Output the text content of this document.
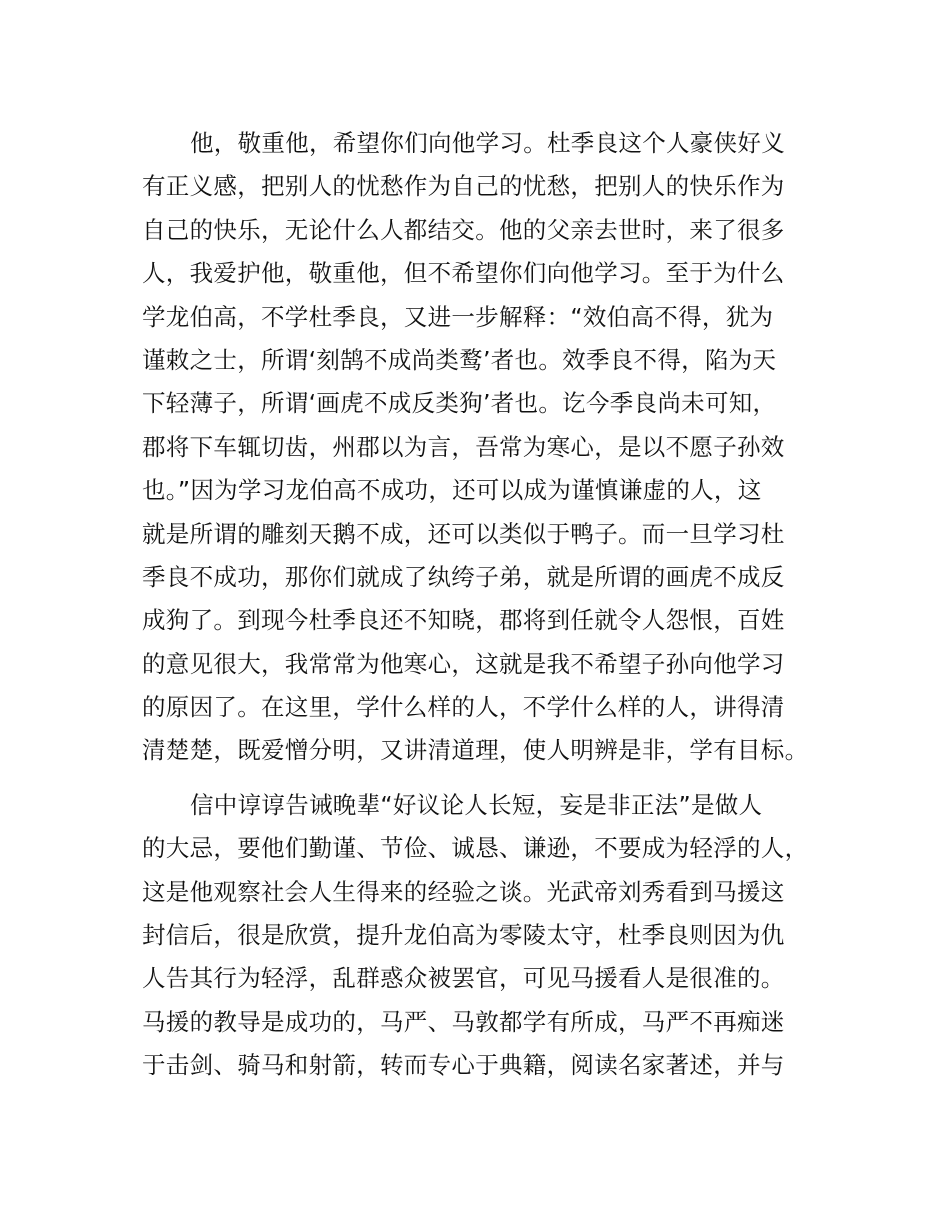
他，敬重他，希望你们向他学习。杜季良这个人豪侠好义
有正义感，把别人的忧愁作为自己的忧愁，把别人的快乐作为
自己的快乐，无论什么人都结交。他的父亲去世时，来了很多
人，我爱护他，敬重他，但不希望你们向他学习。至于为什么
学龙伯高，不学杜季良，又进一步解释：“效伯高不得，犹为
谨敕之士，所谓‘刻鹄不成尚类鹜’者也。效季良不得，陷为天
下轻薄子，所谓‘画虎不成反类狗’者也。讫今季良尚未可知，
郡将下车辄切齿，州郡以为言，吾常为寒心，是以不愿子孙效
也。”因为学习龙伯高不成功，还可以成为谨慎谦虚的人，这
就是所谓的雕刻天鹅不成，还可以类似于鸭子。而一旦学习杜
季良不成功，那你们就成了纨绔子弟，就是所谓的画虎不成反
成狗了。到现今杜季良还不知晓，郡将到任就令人怨恨，百姓
的意见很大，我常常为他寒心，这就是我不希望子孙向他学习
的原因了。在这里，学什么样的人，不学什么样的人，讲得清
清楚楚，既爱憎分明，又讲清道理，使人明辨是非，学有目标。
信中谆谆告诫晚辈“好议论人长短，妄是非正法”是做人
的大忌，要他们勤谨、节俭、诚恳、谦逊，不要成为轻浮的人，
这是他观察社会人生得来的经验之谈。光武帝刘秀看到马援这
封信后，很是欣赏，提升龙伯高为零陵太守，杜季良则因为仇
人告其行为轻浮，乱群惑众被罢官，可见马援看人是很准的。
马援的教导是成功的，马严、马敦都学有所成，马严不再痴迷
于击剑、骑马和射箭，转而专心于典籍，阅读名家著述，并与
